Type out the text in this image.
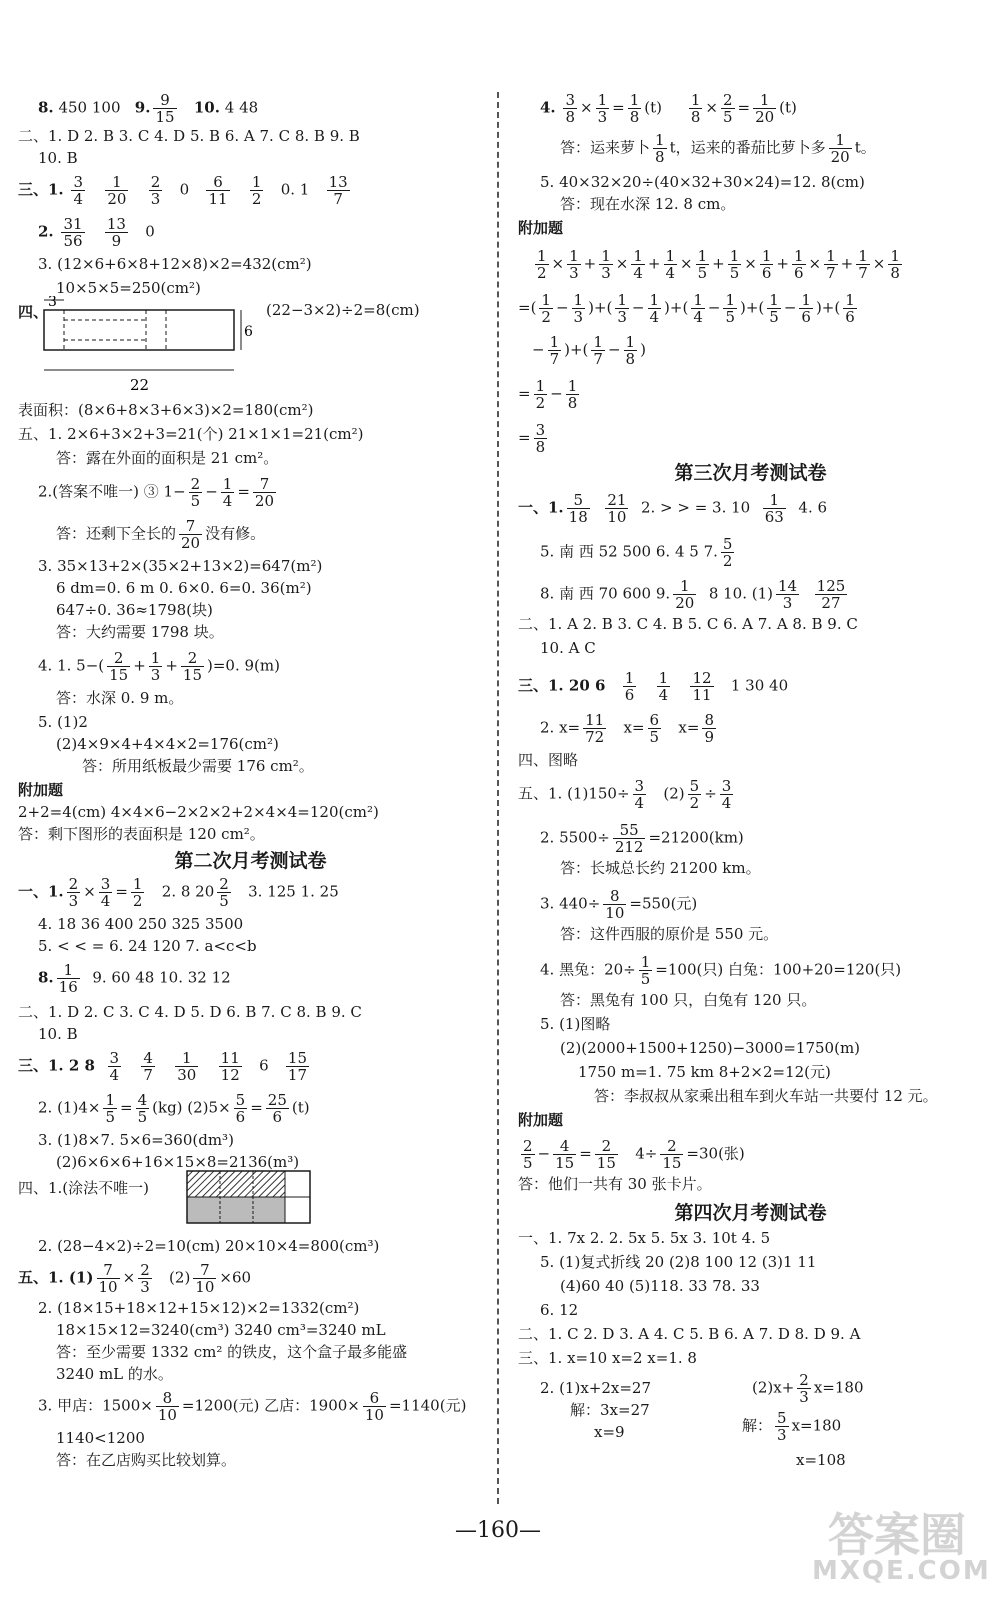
8. 450 100 9. $\frac{9}{15} 10$. 4 48
二、1. D 2. B 3. C 4. D 5. B 6. A 7. C 8. B 9. B
10. B
三、1. $\frac{3}{4}$
$\frac{1}{20}$
$\frac{2}{3} 0 \frac{6}{11}$
$\frac{1}{2} 0$. $1 \frac{13}{7}$
2. $\frac{31}{56}$
$\frac{13}{9} 0$
3. (12×6+6×8+12×8)×2=432(cm²)
10×5×5=250(cm²)
四、
3
6
22
(22−3×2)÷2=8(cm)
表面积：(8×6+8×3+6×3)×2=180(cm²)
五、1. 2×6+3×2+3=21(个) 21×1×1=21(cm²)
答：露在外面的面积是 21 cm²。
2.(答案不唯一) ③ $1- \frac{2}{5} - \frac{1}{4} = \frac{7}{20}$
答：还剩下全长的 $\frac{7}{20}$ 没有修。
3. 35×13+2×(35×2+13×2)=647(m²)
6 dm=0. 6 m 0. 6×0. 6=0. 36(m²)
647÷0. 36≈1798(块)
答：大约需要 1798 块。
4. 1. $5-( \frac{2}{15} + \frac{1}{3} + \frac{2}{15} )=0$. 9(m)
答：水深 0. 9 m。
5. (1)2
(2)4×9×4+4×4×2=176(cm²)
答：所用纸板最少需要 176 cm²。
附加题
2+2=4(cm) 4×4×6−2×2×2+2×4×4=120(cm²)
答：剩下图形的表面积是 120 cm²。
第二次月考测试卷
一、1. $\frac{2}{3} \times \frac{3}{4} = \frac{1}{2} 2$. 8 $20 \frac{2}{5} 3$. 125 1. 25
4. 18 36 400 250 325 3500
5. < < = 6. 24 120 7. a<c<b
8. $\frac{1}{16} 9$. 60 48 10. 32 12
二、1. D 2. C 3. C 4. D 5. D 6. B 7. C 8. B 9. C
10. B
三、1. 2 $8 \frac{3}{4}$
$\frac{4}{7}$
$\frac{1}{30}$
$\frac{11}{12} 6 \frac{15}{17}$
2. $(1)4\times \frac{1}{5} = \frac{4}{5} (kg)$ $(2)5\times \frac{5}{6} = \frac{25}{6} (t)$
3. (1)8×7. 5×6=360(dm³)
(2)6×6×6+16×15×8=2136(m³)
四、1.(涂法不唯一)
2. (28−4×2)÷2=10(cm) 20×10×4=800(cm³)
五、1. $(1) \frac{7}{10} \times \frac{2}{3} (2) \frac{7}{10} \times 60$
2. (18×15+18×12+15×12)×2=1332(cm²)
18×15×12=3240(cm³) 3240 cm³=3240 mL
答：至少需要 1332 cm² 的铁皮，这个盒子最多能盛
3240 mL 的水。
3. 甲店：$1500\times \frac{8}{10} =1200$(元) 乙店：$1900\times \frac{6}{10} =1140$(元)
1140<1200
答：在乙店购买比较划算。
4. $\frac{3}{8} \times \frac{1}{3} = \frac{1}{8} (t) \frac{1}{8} \times \frac{2}{5} = \frac{1}{20} (t)$
答：运来萝卜 $\frac{1}{8}$ t，运来的番茄比萝卜多 $\frac{1}{20}$ t。
5. 40×32×20÷(40×32+30×24)=12. 8(cm)
答：现在水深 12. 8 cm。
附加题
$\frac{1}{2} \times \frac{1}{3} + \frac{1}{3} \times \frac{1}{4} + \frac{1}{4} \times \frac{1}{5} + \frac{1}{5} \times \frac{1}{6} + \frac{1}{6} \times \frac{1}{7} + \frac{1}{7} \times \frac{1}{8}$
=( $\frac{1}{2} - \frac{1}{3}$ )+( $\frac{1}{3} - \frac{1}{4}$ )+( $\frac{1}{4} - \frac{1}{5}$ )+( $\frac{1}{5} - \frac{1}{6}$ )+( $\frac{1}{6}$
− $\frac{1}{7}$ )+( $\frac{1}{7} - \frac{1}{8}$ )
= $\frac{1}{2} - \frac{1}{8}$
= $\frac{3}{8}$
第三次月考测试卷
一、1. $\frac{5}{18}$
$\frac{21}{10} 2$. > > = 3. $10 \frac{1}{63} 4$. 6
5. 南 西 52 500 6. 4 5 7. $\frac{5}{2}$
8. 南 西 70 600 9. $\frac{1}{20} 8$ 10. $(1) \frac{14}{3}$
$\frac{125}{27}$
二、1. A 2. B 3. C 4. B 5. C 6. A 7. A 8. B 9. C
10. A C
三、1. 20 $6 \frac{1}{6}$
$\frac{1}{4}$
$\frac{12}{11} 1$ 30 40
2. $x= \frac{11}{72} x= \frac{6}{5} x= \frac{8}{9}$
四、图略
五、1. $(1)150\div \frac{3}{4} (2) \frac{5}{2} \div \frac{3}{4}$
2. $5500\div \frac{55}{212} =21200(km)$
答：长城总长约 21200 km。
3. $440\div \frac{8}{10} =550$(元)
答：这件西服的原价是 550 元。
4. 黑兔：$20\div \frac{1}{5} =100$(只) 白兔：100+20=120(只)
答：黑兔有 100 只，白兔有 120 只。
5. (1)图略
(2)(2000+1500+1250)−3000=1750(m)
1750 m=1. 75 km 8+2×2=12(元)
答：李叔叔从家乘出租车到火车站一共要付 12 元。
附加题
$\frac{2}{5} - \frac{4}{15} = \frac{2}{15} 4\div \frac{2}{15} =30$(张)
答：他们一共有 30 张卡片。
第四次月考测试卷
一、1. 7x 2. 2. 5x 5. 5x 3. 10t 4. 5
5. (1)复式折线 20 (2)8 100 12 (3)1 11
(4)60 40 (5)118. 33 78. 33
6. 12
二、1. C 2. D 3. A 4. C 5. B 6. A 7. D 8. D 9. A
三、1. x=10 x=2 x=1. 8
2. (1)x+2x=27	$(2)x+ \frac{2}{3} x=180$
解：3x=27
解： $\frac{5}{3} x=180$
x=9
x=108
—160—	答案圈
MXQE.COM
